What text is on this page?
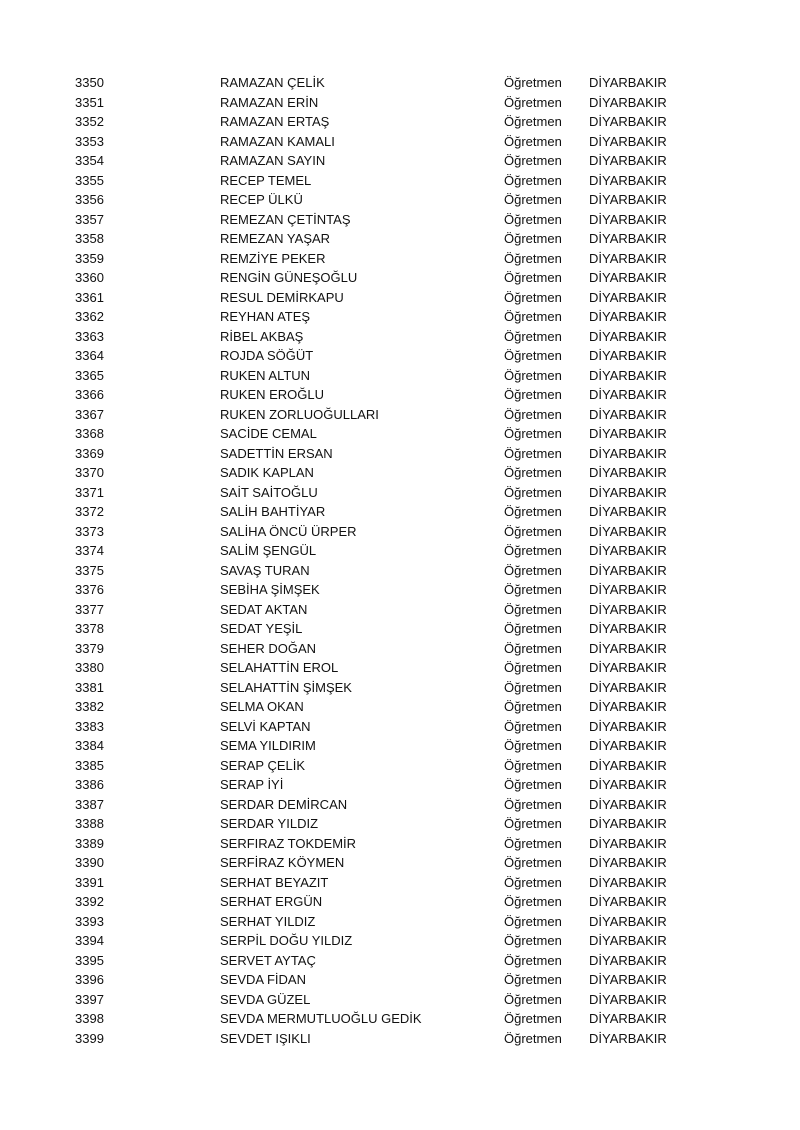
3350	RAMAZAN ÇELİK	Öğretmen DİYARBAKIR
3351	RAMAZAN ERİN	Öğretmen DİYARBAKIR
3352	RAMAZAN ERTAŞ	Öğretmen DİYARBAKIR
3353	RAMAZAN KAMALI	Öğretmen DİYARBAKIR
3354	RAMAZAN SAYIN	Öğretmen DİYARBAKIR
3355	RECEP TEMEL	Öğretmen DİYARBAKIR
3356	RECEP ÜLKÜ	Öğretmen DİYARBAKIR
3357	REMEZAN ÇETİNTAŞ	Öğretmen DİYARBAKIR
3358	REMEZAN YAŞAR	Öğretmen DİYARBAKIR
3359	REMZİYE PEKER	Öğretmen DİYARBAKIR
3360	RENGİN GÜNEŞOĞLU	Öğretmen DİYARBAKIR
3361	RESUL DEMİRKAPU	Öğretmen DİYARBAKIR
3362	REYHAN ATEŞ	Öğretmen DİYARBAKIR
3363	RİBEL AKBAŞ	Öğretmen DİYARBAKIR
3364	ROJDA SÖĞÜT	Öğretmen DİYARBAKIR
3365	RUKEN ALTUN	Öğretmen DİYARBAKIR
3366	RUKEN EROĞLU	Öğretmen DİYARBAKIR
3367	RUKEN ZORLUOĞULLARI	Öğretmen DİYARBAKIR
3368	SACİDE CEMAL	Öğretmen DİYARBAKIR
3369	SADETTİN ERSAN	Öğretmen DİYARBAKIR
3370	SADIK KAPLAN	Öğretmen DİYARBAKIR
3371	SAİT SAİTOĞLU	Öğretmen DİYARBAKIR
3372	SALİH BAHTİYAR	Öğretmen DİYARBAKIR
3373	SALİHA ÖNCÜ ÜRPER	Öğretmen DİYARBAKIR
3374	SALİM ŞENGÜL	Öğretmen DİYARBAKIR
3375	SAVAŞ TURAN	Öğretmen DİYARBAKIR
3376	SEBİHA ŞİMŞEK	Öğretmen DİYARBAKIR
3377	SEDAT AKTAN	Öğretmen DİYARBAKIR
3378	SEDAT YEŞİL	Öğretmen DİYARBAKIR
3379	SEHER DOĞAN	Öğretmen DİYARBAKIR
3380	SELAHATTİN EROL	Öğretmen DİYARBAKIR
3381	SELAHATTİN ŞİMŞEK	Öğretmen DİYARBAKIR
3382	SELMA OKAN	Öğretmen DİYARBAKIR
3383	SELVİ KAPTAN	Öğretmen DİYARBAKIR
3384	SEMA YILDIRIM	Öğretmen DİYARBAKIR
3385	SERAP ÇELİK	Öğretmen DİYARBAKIR
3386	SERAP İYİ	Öğretmen DİYARBAKIR
3387	SERDAR DEMİRCAN	Öğretmen DİYARBAKIR
3388	SERDAR YILDIZ	Öğretmen DİYARBAKIR
3389	SERFIRAZ TOKDEMİR	Öğretmen DİYARBAKIR
3390	SERFİRAZ KÖYMEN	Öğretmen DİYARBAKIR
3391	SERHAT BEYAZIT	Öğretmen DİYARBAKIR
3392	SERHAT ERGÜN	Öğretmen DİYARBAKIR
3393	SERHAT YILDIZ	Öğretmen DİYARBAKIR
3394	SERPİL DOĞU YILDIZ	Öğretmen DİYARBAKIR
3395	SERVET AYTAÇ	Öğretmen DİYARBAKIR
3396	SEVDA FİDAN	Öğretmen DİYARBAKIR
3397	SEVDA GÜZEL	Öğretmen DİYARBAKIR
3398	SEVDA MERMUTLUOĞLU GEDİK	Öğretmen DİYARBAKIR
3399	SEVDET IŞIKLI	Öğretmen DİYARBAKIR
